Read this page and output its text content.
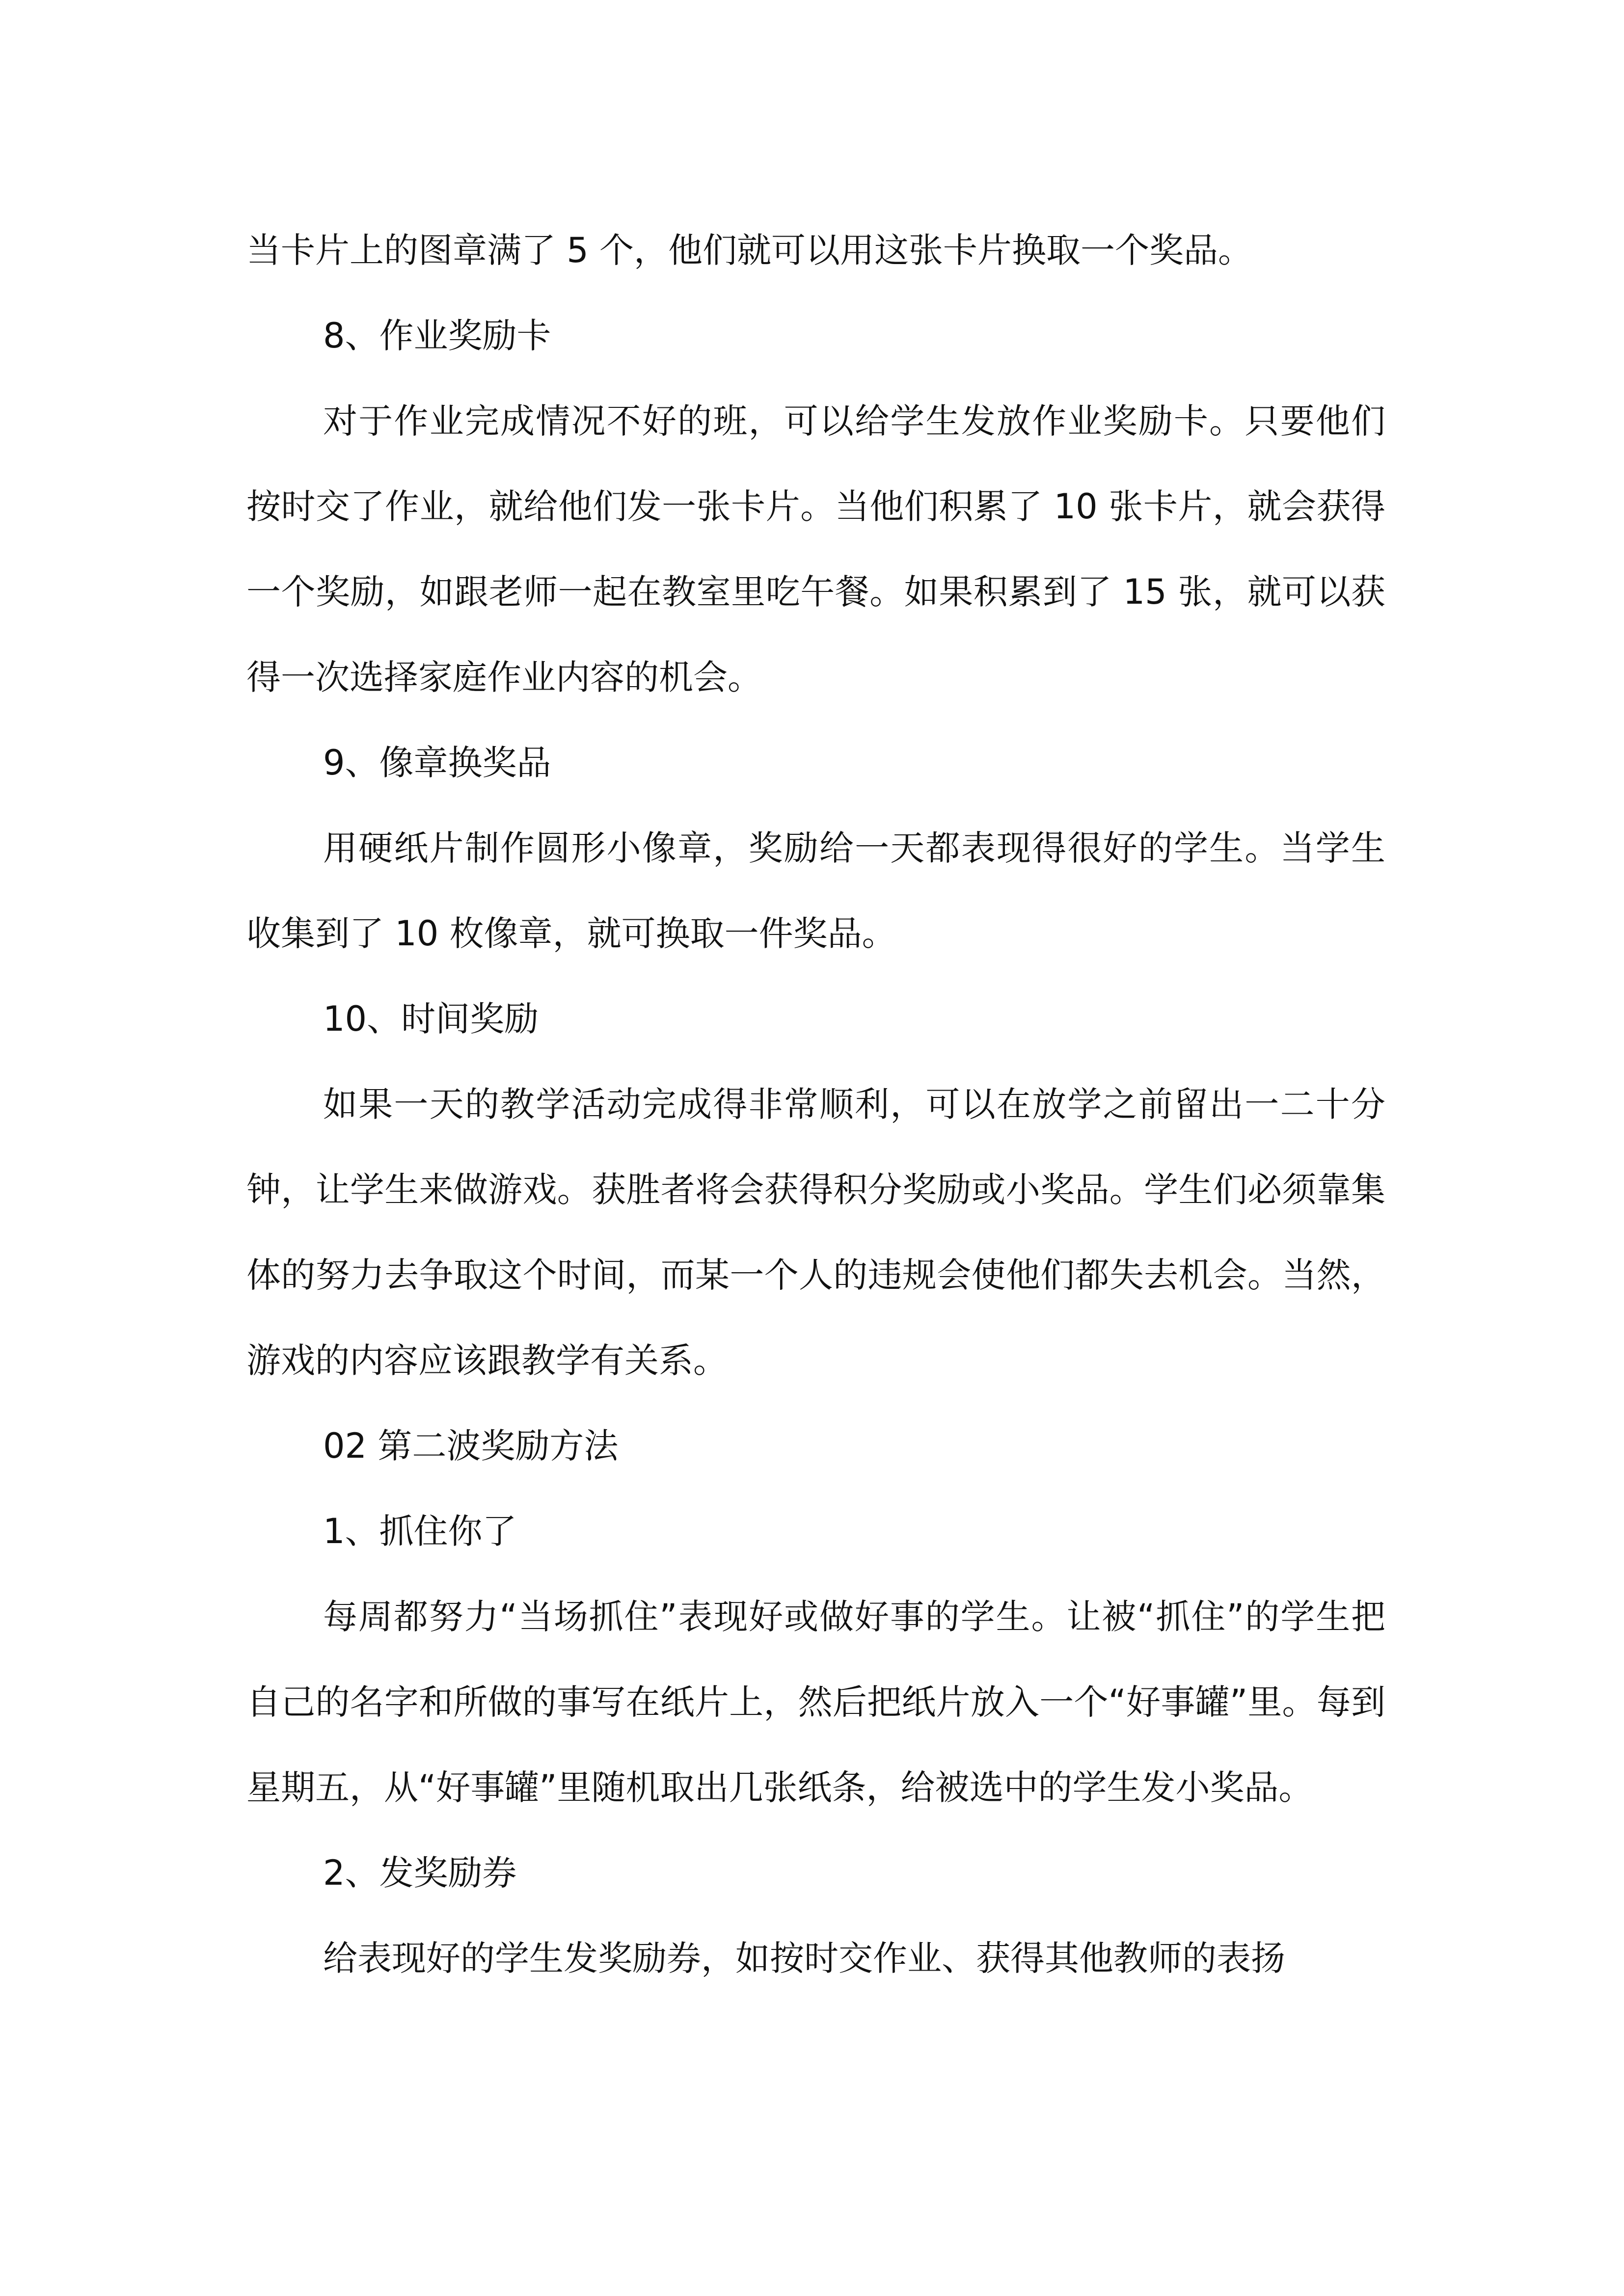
当卡片上的图章满了 5 个，他们就可以用这张卡片换取一个奖品。

8、作业奖励卡

对于作业完成情况不好的班，可以给学生发放作业奖励卡。只要他们按时交了作业，就给他们发一张卡片。当他们积累了 10 张卡片，就会获得一个奖励，如跟老师一起在教室里吃午餐。如果积累到了 15 张，就可以获得一次选择家庭作业内容的机会。

9、像章换奖品

用硬纸片制作圆形小像章，奖励给一天都表现得很好的学生。当学生收集到了 10 枚像章，就可换取一件奖品。

10、时间奖励

如果一天的教学活动完成得非常顺利，可以在放学之前留出一二十分钟，让学生来做游戏。获胜者将会获得积分奖励或小奖品。学生们必须靠集体的努力去争取这个时间，而某一个人的违规会使他们都失去机会。当然，游戏的内容应该跟教学有关系。

02 第二波奖励方法

1、抓住你了

每周都努力“当场抓住”表现好或做好事的学生。让被“抓住”的学生把自己的名字和所做的事写在纸片上，然后把纸片放入一个“好事罐”里。每到星期五，从“好事罐”里随机取出几张纸条，给被选中的学生发小奖品。

2、发奖励券

给表现好的学生发奖励券，如按时交作业、获得其他教师的表扬
